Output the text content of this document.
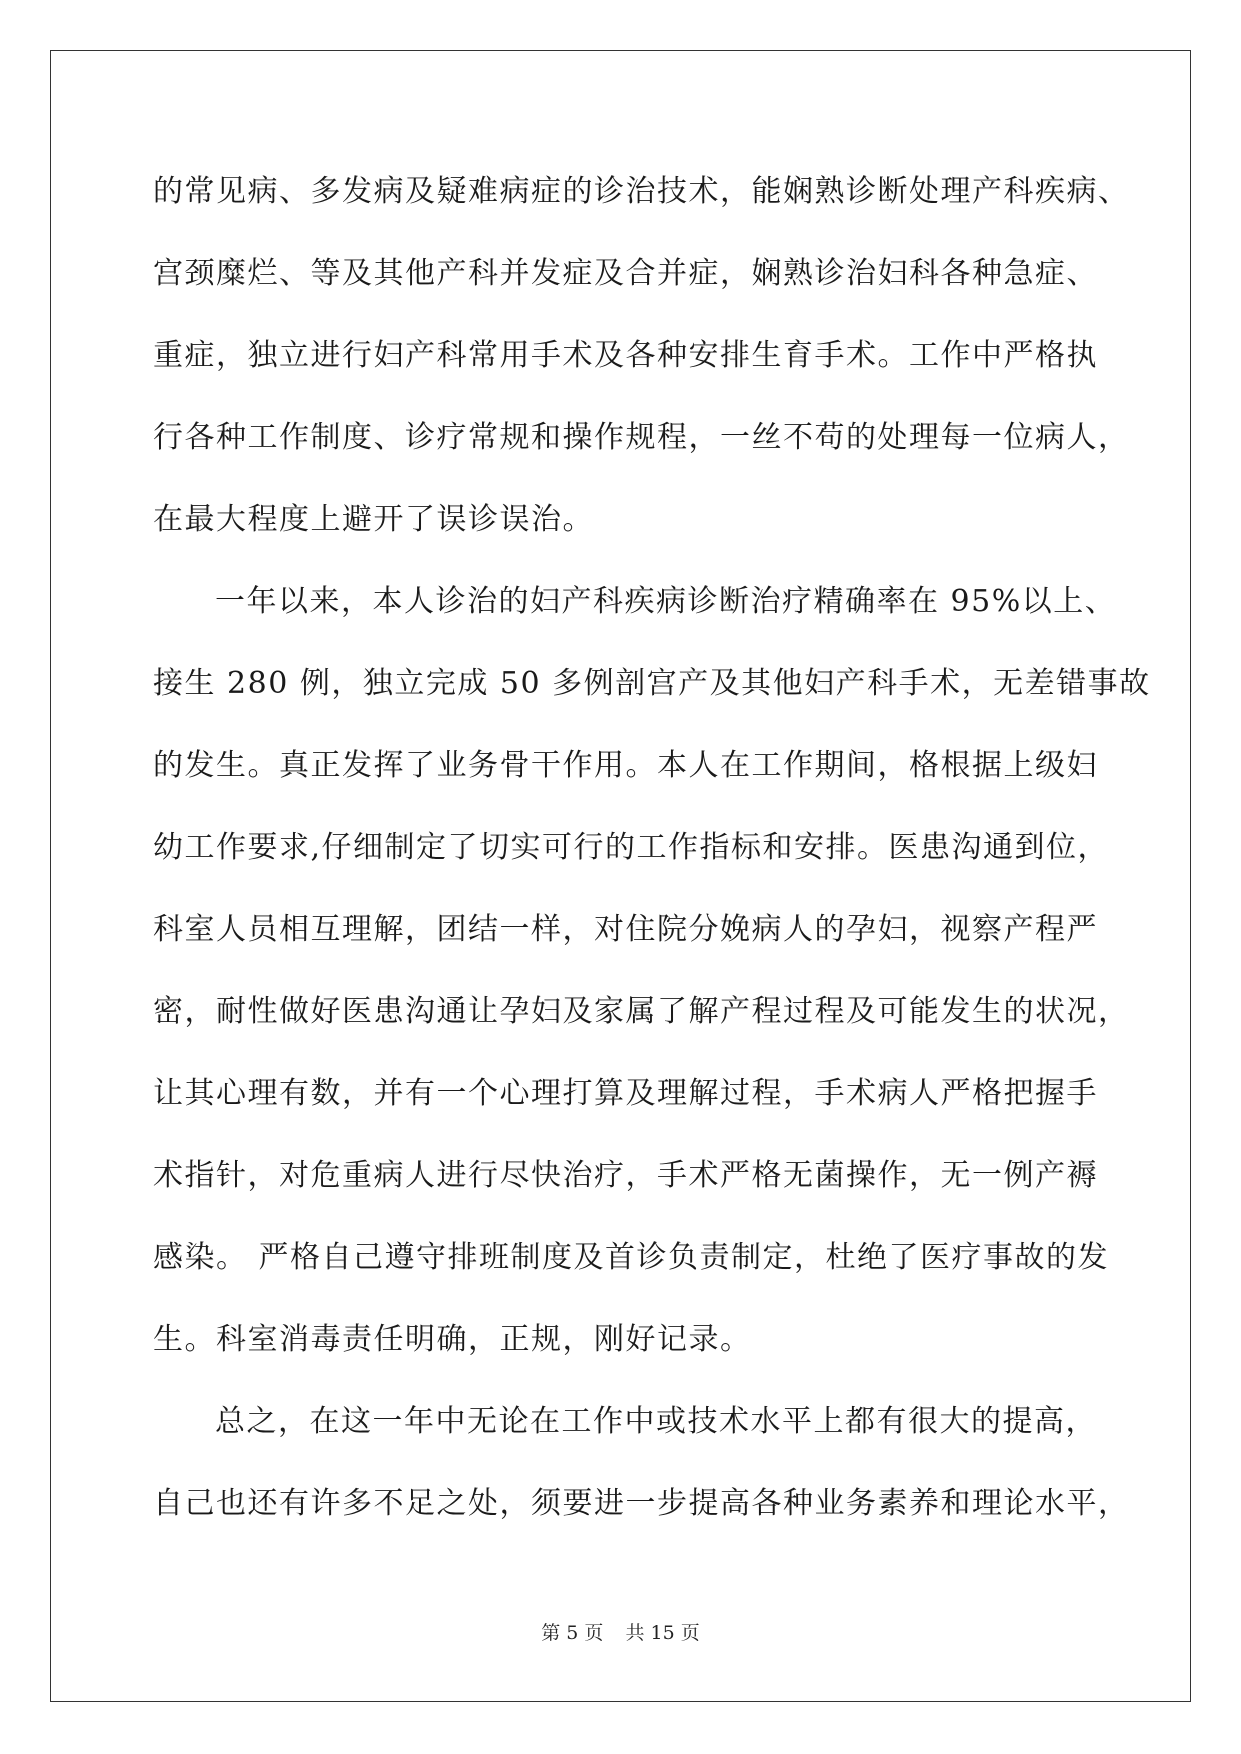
的常见病、多发病及疑难病症的诊治技术，能娴熟诊断处理产科疾病、
宫颈糜烂、等及其他产科并发症及合并症，娴熟诊治妇科各种急症、
重症，独立进行妇产科常用手术及各种安排生育手术。工作中严格执
行各种工作制度、诊疗常规和操作规程，一丝不苟的处理每一位病人，
在最大程度上避开了误诊误治。
一年以来，本人诊治的妇产科疾病诊断治疗精确率在 95%以上、
接生 280 例，独立完成 50 多例剖宫产及其他妇产科手术，无差错事故
的发生。真正发挥了业务骨干作用。本人在工作期间，格根据上级妇
幼工作要求,仔细制定了切实可行的工作指标和安排。医患沟通到位，
科室人员相互理解，团结一样，对住院分娩病人的孕妇，视察产程严
密，耐性做好医患沟通让孕妇及家属了解产程过程及可能发生的状况，
让其心理有数，并有一个心理打算及理解过程，手术病人严格把握手
术指针，对危重病人进行尽快治疗，手术严格无菌操作，无一例产褥
感染。 严格自己遵守排班制度及首诊负责制定，杜绝了医疗事故的发
生。科室消毒责任明确，正规，刚好记录。
总之，在这一年中无论在工作中或技术水平上都有很大的提高，
自己也还有许多不足之处，须要进一步提高各种业务素养和理论水平，
第 5 页 共 15 页
